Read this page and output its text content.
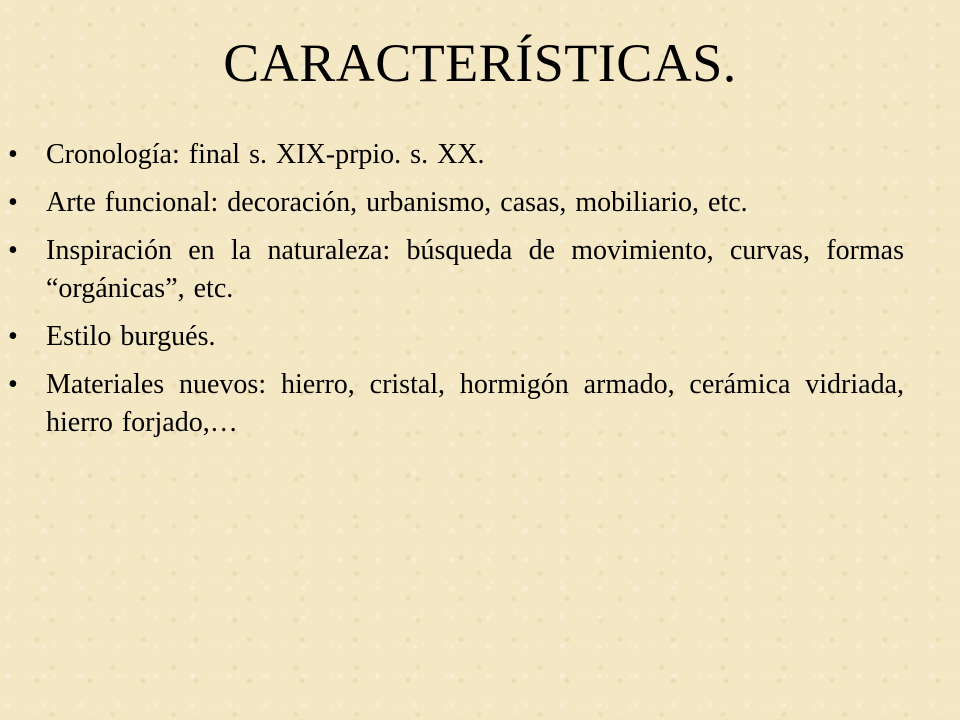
CARACTERÍSTICAS.
• Cronología: final s. XIX-prpio. s. XX.
• Arte funcional: decoración, urbanismo, casas, mobiliario, etc.
• Inspiración en la naturaleza: búsqueda de movimiento, curvas, formas “orgánicas”, etc.
• Estilo burgués.
• Materiales nuevos: hierro, cristal, hormigón armado, cerámica vidriada, hierro forjado,…
